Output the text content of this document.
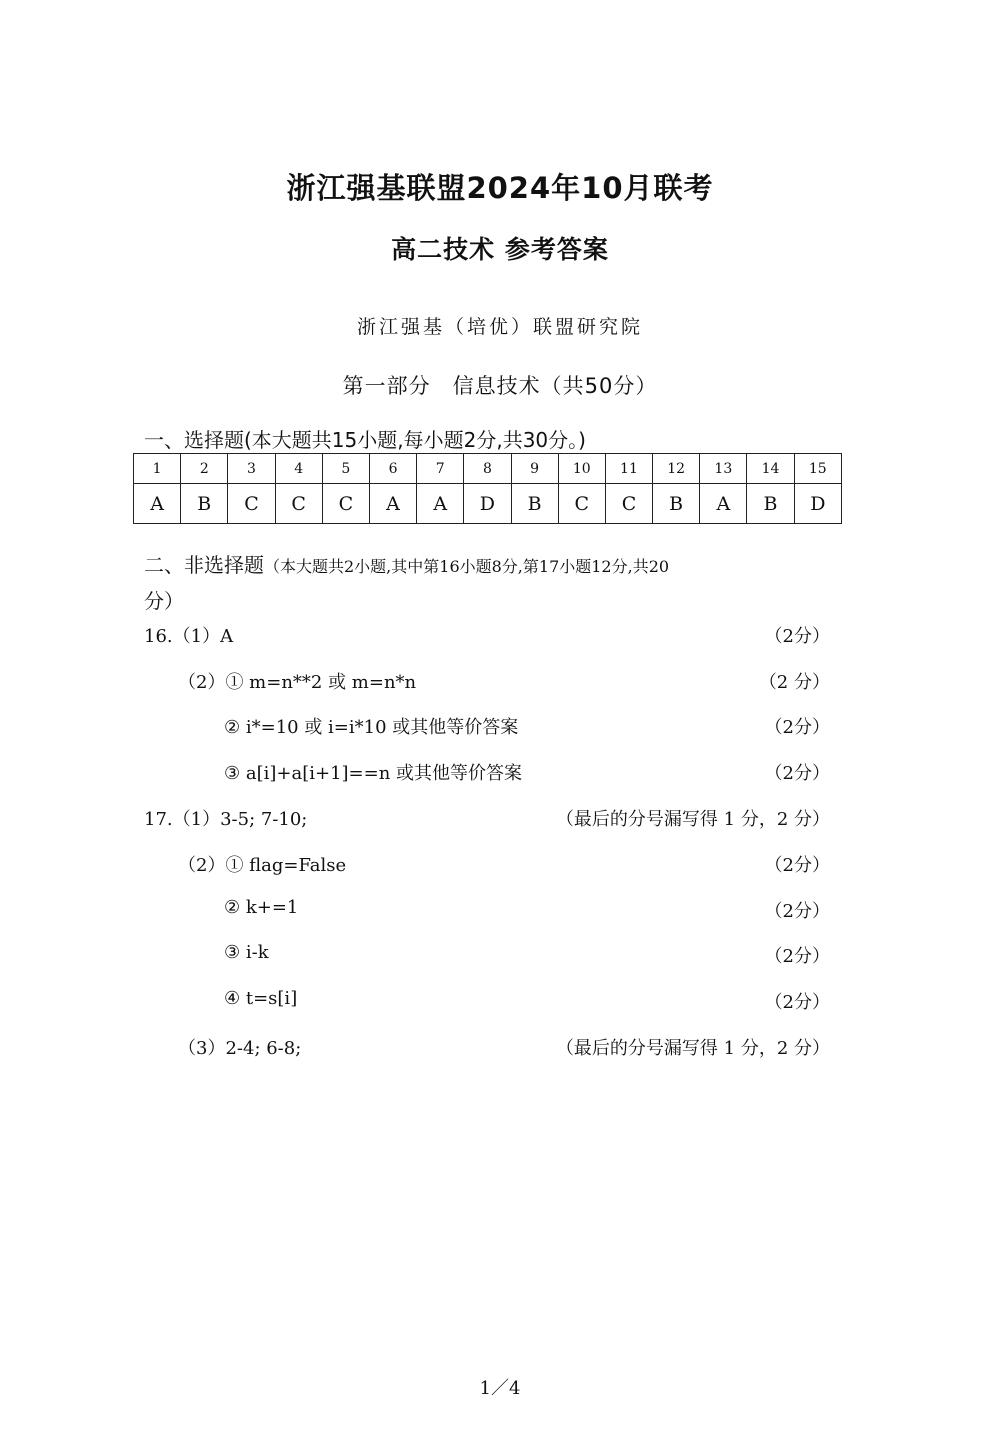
浙江强基联盟2024年10月联考
高二技术 参考答案
浙江强基（培优）联盟研究院
第一部分　信息技术（共50分）
一、选择题(本大题共15小题,每小题2分,共30分。)
1	2	3	4	5	6	7	8	9	10	11	12	13	14	15
A	B	C	C	C	A	A	D	B	C	C	B	A	B	D
二、非选择题（本大题共2小题,其中第16小题8分,第17小题12分,共20
分）
16.（1）A	（2分）
（2）① m=n**2 或 m=n*n	（2 分）
② i*=10 或 i=i*10 或其他等价答案	（2分）
③ a[i]+a[i+1]==n 或其他等价答案	（2分）
17.（1）3-5; 7-10;	（最后的分号漏写得 1 分，2 分）
（2）① flag=False	（2分）
② k+=1	（2分）
③ i-k	（2分）
④ t=s[i]	（2分）
（3）2-4; 6-8;	（最后的分号漏写得 1 分，2 分）
1／4
